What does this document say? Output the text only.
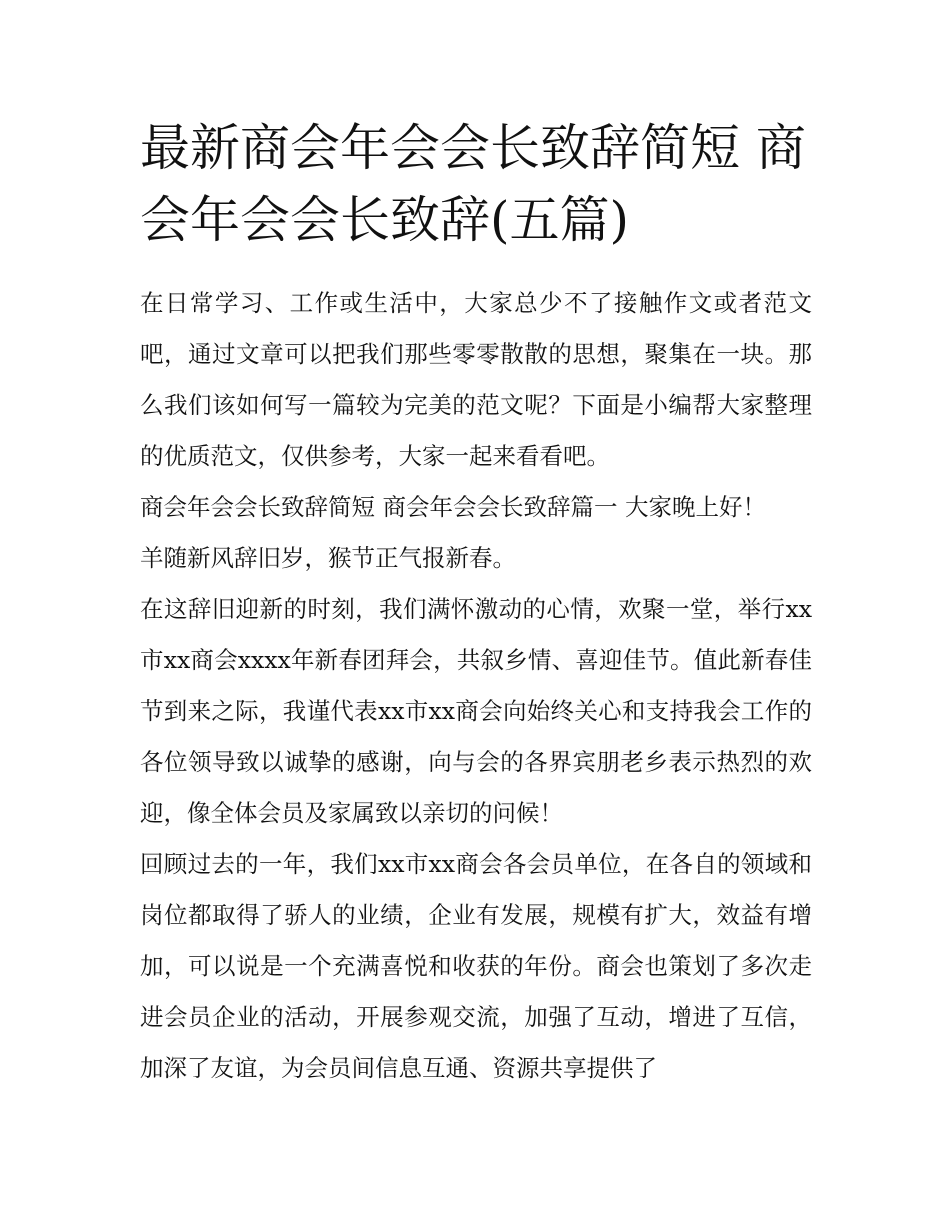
最新商会年会会长致辞简短 商会年会会长致辞(五篇)

在日常学习、工作或生活中，大家总少不了接触作文或者范文吧，通过文章可以把我们那些零零散散的思想，聚集在一块。那么我们该如何写一篇较为完美的范文呢？下面是小编帮大家整理的优质范文，仅供参考，大家一起来看看吧。

商会年会会长致辞简短 商会年会会长致辞篇一 大家晚上好！

羊随新风辞旧岁，猴节正气报新春。

在这辞旧迎新的时刻，我们满怀激动的心情，欢聚一堂，举行xx市xx商会xxxx年新春团拜会，共叙乡情、喜迎佳节。值此新春佳节到来之际，我谨代表xx市xx商会向始终关心和支持我会工作的各位领导致以诚挚的感谢，向与会的各界宾朋老乡表示热烈的欢迎，像全体会员及家属致以亲切的问候！

回顾过去的一年，我们xx市xx商会各会员单位，在各自的领域和岗位都取得了骄人的业绩，企业有发展，规模有扩大，效益有增加，可以说是一个充满喜悦和收获的年份。商会也策划了多次走进会员企业的活动，开展参观交流，加强了互动，增进了互信，加深了友谊，为会员间信息互通、资源共享提供了
